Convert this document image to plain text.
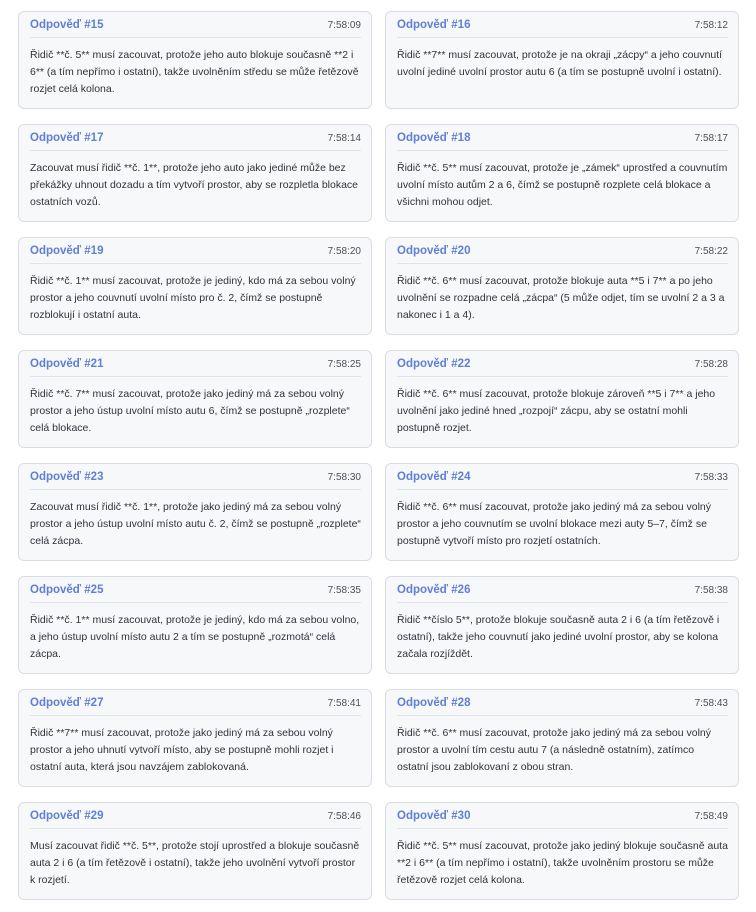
Odpověď #15	7:58:09

Řidič **č. 5** musí zacouvat, protože jeho auto blokuje současně **2 i 6** (a tím nepřímo i ostatní), takže uvolněním středu se může řetězově rozjet celá kolona.

Odpověď #16	7:58:12

Řidič **7** musí zacouvat, protože je na okraji „zácpy“ a jeho couvnutí uvolní jediné uvolní prostor autu 6 (a tím se postupně uvolní i ostatní).

Odpověď #17	7:58:14

Zacouvat musí řidič **č. 1**, protože jeho auto jako jediné může bez překážky uhnout dozadu a tím vytvoří prostor, aby se rozpletla blokace ostatních vozů.

Odpověď #18	7:58:17

Řidič **č. 5** musí zacouvat, protože je „zámek“ uprostřed a couvnutím uvolní místo autům 2 a 6, čímž se postupně rozplete celá blokace a všichni mohou odjet.

Odpověď #19	7:58:20

Řidič **č. 1** musí zacouvat, protože je jediný, kdo má za sebou volný prostor a jeho couvnutí uvolní místo pro č. 2, čímž se postupně rozblokují i ostatní auta.

Odpověď #20	7:58:22

Řidič **č. 6** musí zacouvat, protože blokuje auta **5 i 7** a po jeho uvolnění se rozpadne celá „zácpa“ (5 může odjet, tím se uvolní 2 a 3 a nakonec i 1 a 4).

Odpověď #21	7:58:25

Řidič **č. 7** musí zacouvat, protože jako jediný má za sebou volný prostor a jeho ústup uvolní místo autu 6, čímž se postupně „rozplete“ celá blokace.

Odpověď #22	7:58:28

Řidič **č. 6** musí zacouvat, protože blokuje zároveň **5 i 7** a jeho uvolnění jako jediné hned „rozpojí“ zácpu, aby se ostatní mohli postupně rozjet.

Odpověď #23	7:58:30

Zacouvat musí řidič **č. 1**, protože jako jediný má za sebou volný prostor a jeho ústup uvolní místo autu č. 2, čímž se postupně „rozplete“ celá zácpa.

Odpověď #24	7:58:33

Řidič **č. 6** musí zacouvat, protože jako jediný má za sebou volný prostor a jeho couvnutím se uvolní blokace mezi auty 5–7, čímž se postupně vytvoří místo pro rozjetí ostatních.

Odpověď #25	7:58:35

Řidič **č. 1** musí zacouvat, protože je jediný, kdo má za sebou volno, a jeho ústup uvolní místo autu 2 a tím se postupně „rozmotá“ celá zácpa.

Odpověď #26	7:58:38

Řidič **číslo 5**, protože blokuje současně auta 2 i 6 (a tím řetězově i ostatní), takže jeho couvnutí jako jediné uvolní prostor, aby se kolona začala rozjíždět.

Odpověď #27	7:58:41

Řidič **7** musí zacouvat, protože jako jediný má za sebou volný prostor a jeho uhnutí vytvoří místo, aby se postupně mohli rozjet i ostatní auta, která jsou navzájem zablokovaná.

Odpověď #28	7:58:43

Řidič **č. 6** musí zacouvat, protože jako jediný má za sebou volný prostor a uvolní tím cestu autu 7 (a následně ostatním), zatímco ostatní jsou zablokovaní z obou stran.

Odpověď #29	7:58:46

Musí zacouvat řidič **č. 5**, protože stojí uprostřed a blokuje současně auta 2 i 6 (a tím řetězově i ostatní), takže jeho uvolnění vytvoří prostor k rozjetí.

Odpověď #30	7:58:49

Řidič **č. 5** musí zacouvat, protože jako jediný blokuje současně auta **2 i 6** (a tím nepřímo i ostatní), takže uvolněním prostoru se může řetězově rozjet celá kolona.
